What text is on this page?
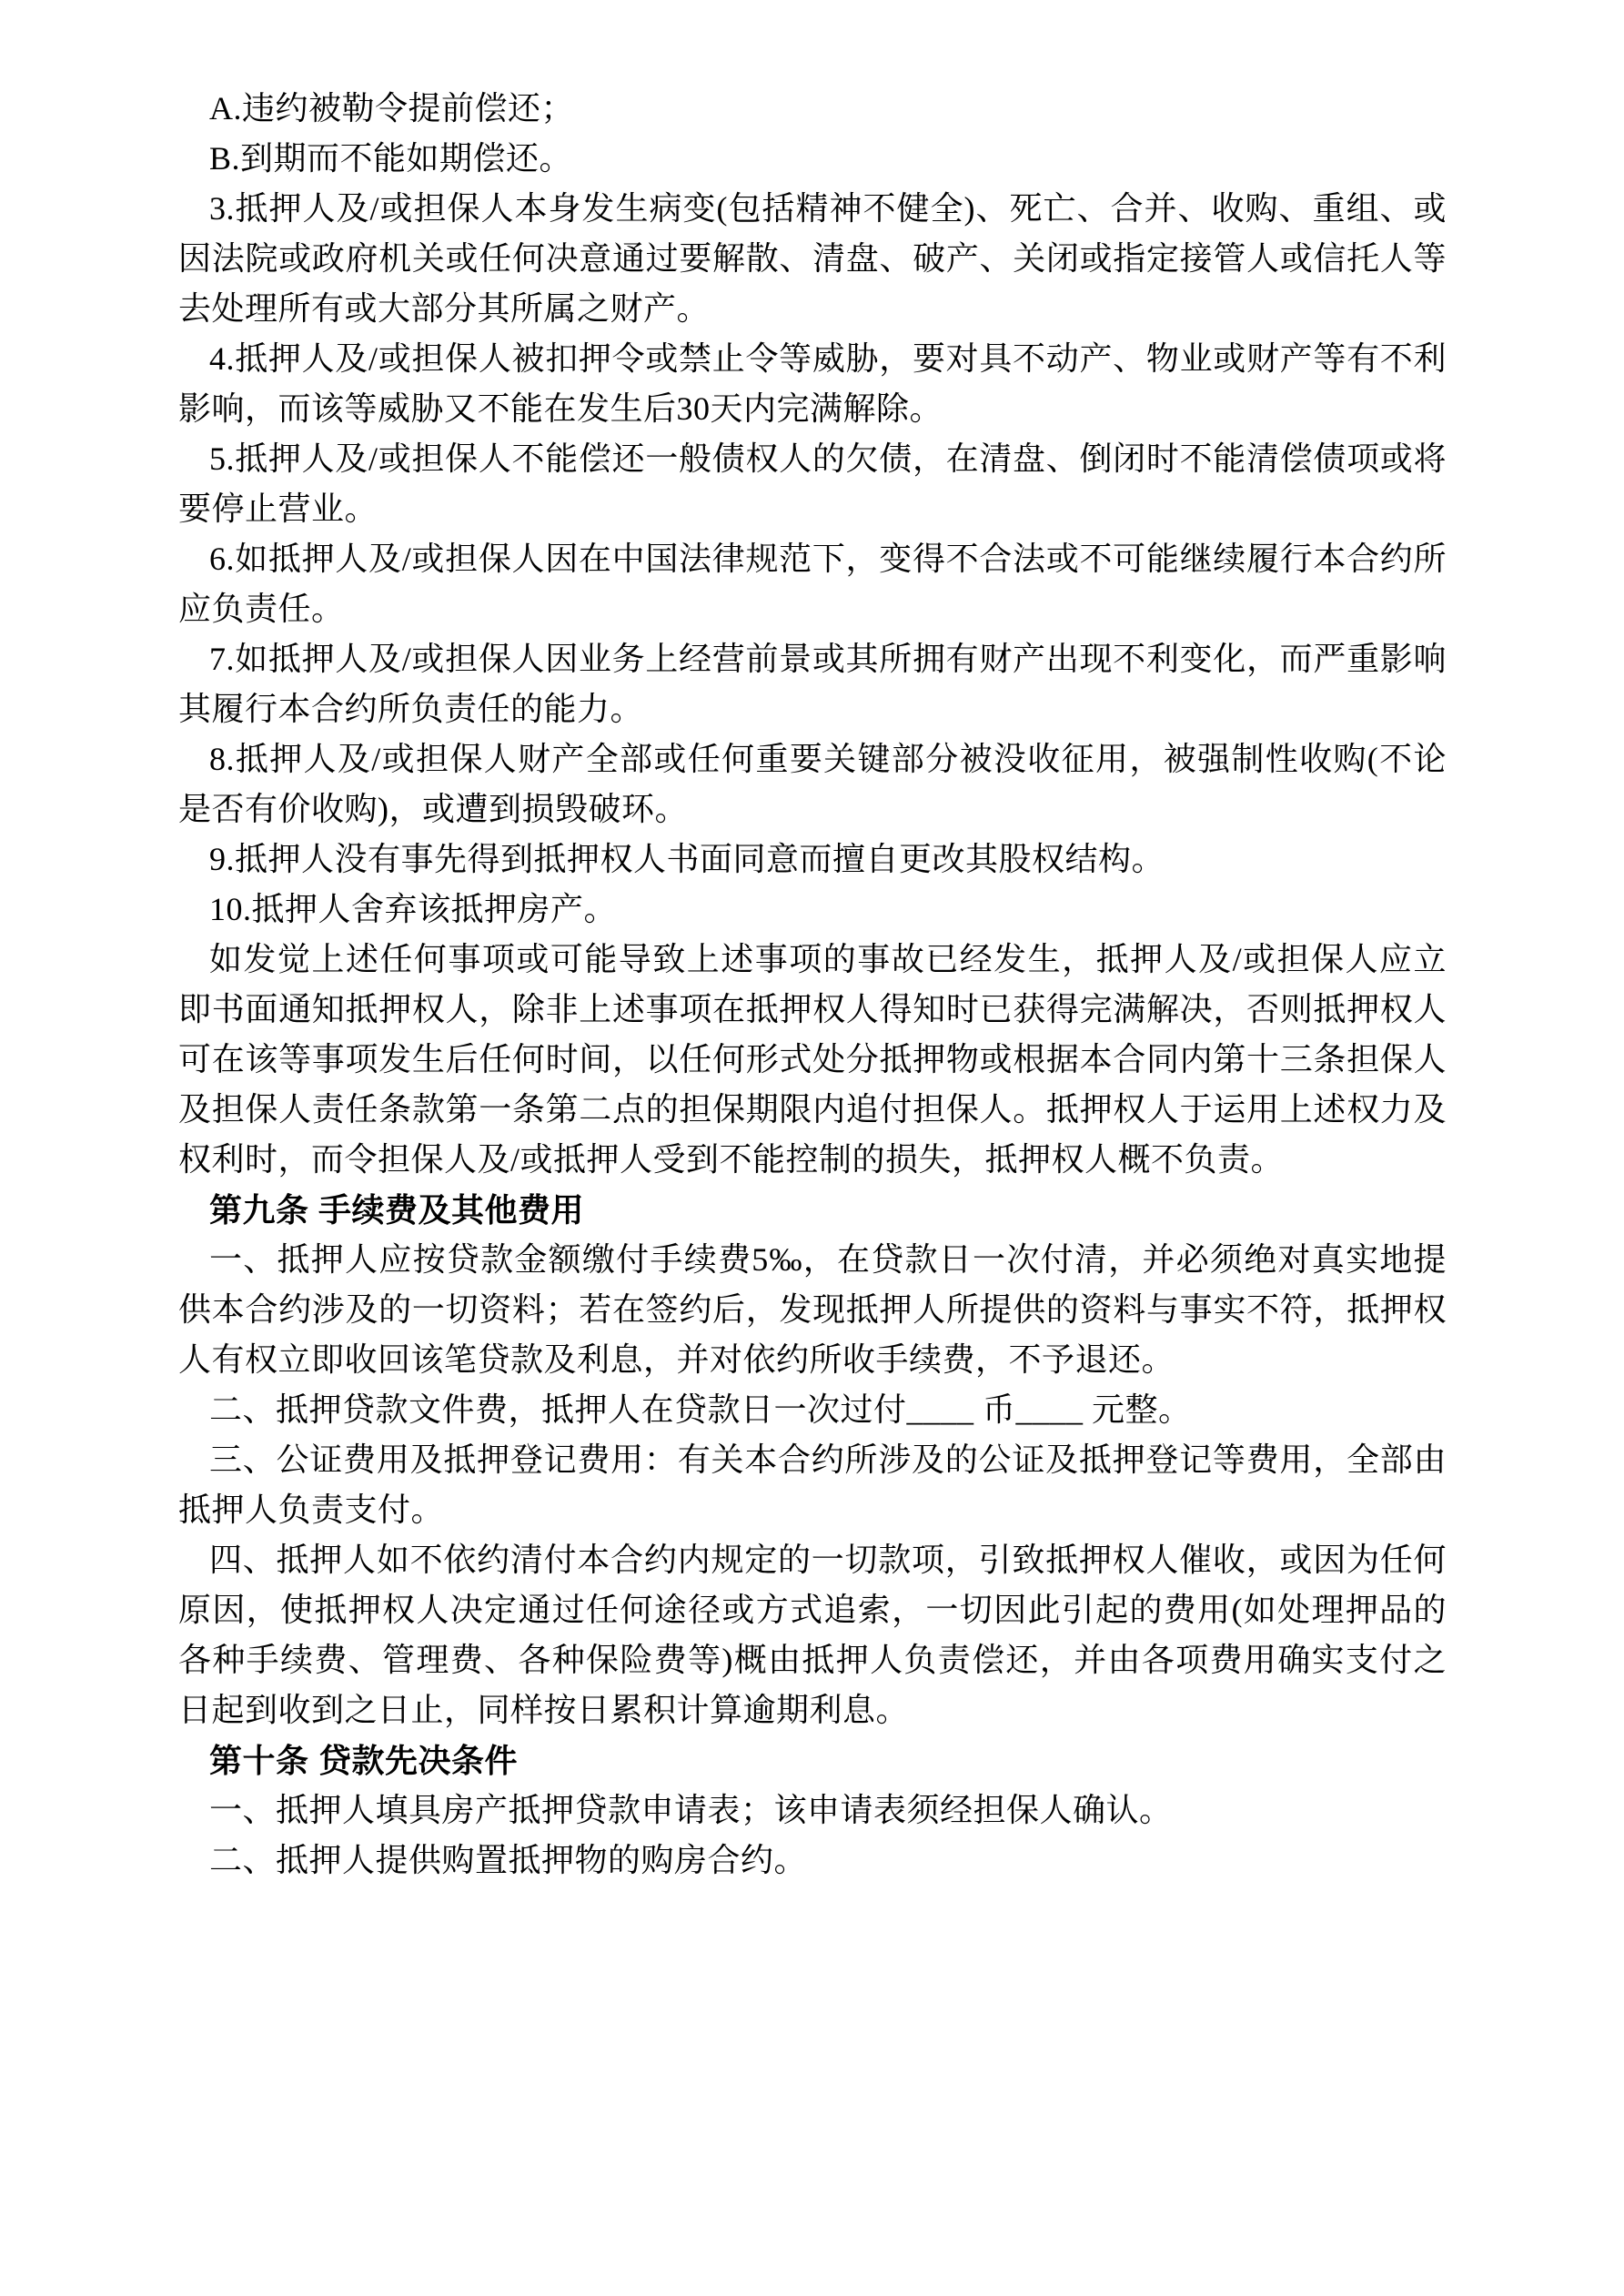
A.违约被勒令提前偿还；

B.到期而不能如期偿还。

3.抵押人及/或担保人本身发生病变(包括精神不健全)、死亡、合并、收购、重组、或因法院或政府机关或任何决意通过要解散、清盘、破产、关闭或指定接管人或信托人等去处理所有或大部分其所属之财产。

4.抵押人及/或担保人被扣押令或禁止令等威胁，要对具不动产、物业或财产等有不利影响，而该等威胁又不能在发生后30天内完满解除。

5.抵押人及/或担保人不能偿还一般债权人的欠债，在清盘、倒闭时不能清偿债项或将要停止营业。

6.如抵押人及/或担保人因在中国法律规范下，变得不合法或不可能继续履行本合约所应负责任。

7.如抵押人及/或担保人因业务上经营前景或其所拥有财产出现不利变化，而严重影响其履行本合约所负责任的能力。

8.抵押人及/或担保人财产全部或任何重要关键部分被没收征用，被强制性收购(不论是否有价收购)，或遭到损毁破环。

9.抵押人没有事先得到抵押权人书面同意而擅自更改其股权结构。

10.抵押人舍弃该抵押房产。

如发觉上述任何事项或可能导致上述事项的事故已经发生，抵押人及/或担保人应立即书面通知抵押权人，除非上述事项在抵押权人得知时已获得完满解决，否则抵押权人可在该等事项发生后任何时间，以任何形式处分抵押物或根据本合同内第十三条担保人及担保人责任条款第一条第二点的担保期限内追付担保人。抵押权人于运用上述权力及权利时，而令担保人及/或抵押人受到不能控制的损失，抵押权人概不负责。

第九条 手续费及其他费用

一、抵押人应按贷款金额缴付手续费5‰，在贷款日一次付清，并必须绝对真实地提供本合约涉及的一切资料；若在签约后，发现抵押人所提供的资料与事实不符，抵押权人有权立即收回该笔贷款及利息，并对依约所收手续费，不予退还。

二、抵押贷款文件费，抵押人在贷款日一次过付____ 币____ 元整。

三、公证费用及抵押登记费用：有关本合约所涉及的公证及抵押登记等费用，全部由抵押人负责支付。

四、抵押人如不依约清付本合约内规定的一切款项，引致抵押权人催收，或因为任何原因，使抵押权人决定通过任何途径或方式追索，一切因此引起的费用(如处理押品的各种手续费、管理费、各种保险费等)概由抵押人负责偿还，并由各项费用确实支付之日起到收到之日止，同样按日累积计算逾期利息。

第十条 贷款先决条件

一、抵押人填具房产抵押贷款申请表；该申请表须经担保人确认。

二、抵押人提供购置抵押物的购房合约。
